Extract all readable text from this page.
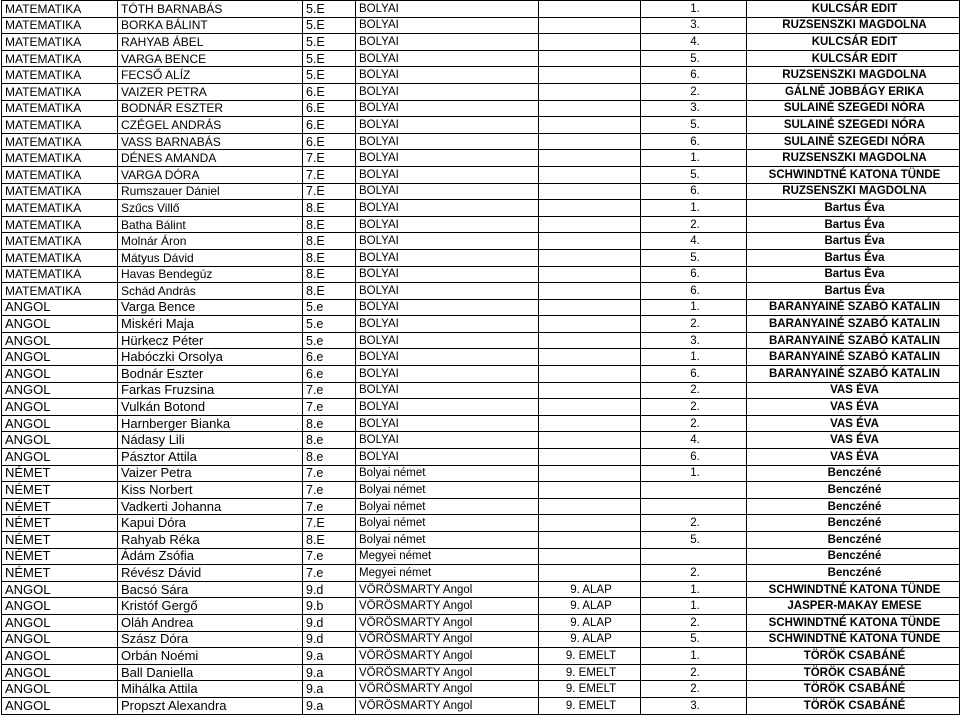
MATEMATIKA	TÓTH BARNABÁS	5.E	BOLYAI		1.	KULCSÁR EDIT
MATEMATIKA	BORKA BÁLINT	5.E	BOLYAI		3.	RUZSENSZKI MAGDOLNA
MATEMATIKA	RAHYAB ÁBEL	5.E	BOLYAI		4.	KULCSÁR EDIT
MATEMATIKA	VARGA BENCE	5.E	BOLYAI		5.	KULCSÁR EDIT
MATEMATIKA	FECSŐ ALÍZ	5.E	BOLYAI		6.	RUZSENSZKI MAGDOLNA
MATEMATIKA	VAIZER PETRA	6.E	BOLYAI		2.	GÁLNÉ JOBBÁGY ERIKA
MATEMATIKA	BODNÁR ESZTER	6.E	BOLYAI		3.	SULAINÉ SZEGEDI NÓRA
MATEMATIKA	CZÉGEL ANDRÁS	6.E	BOLYAI		5.	SULAINÉ SZEGEDI NÓRA
MATEMATIKA	VASS BARNABÁS	6.E	BOLYAI		6.	SULAINÉ SZEGEDI NÓRA
MATEMATIKA	DÉNES AMANDA	7.E	BOLYAI		1.	RUZSENSZKI MAGDOLNA
MATEMATIKA	VARGA DÓRA	7.E	BOLYAI		5.	SCHWINDTNÉ KATONA TÜNDE
MATEMATIKA	Rumszauer Dániel	7.E	BOLYAI		6.	RUZSENSZKI MAGDOLNA
MATEMATIKA	Szűcs Villő	8.E	BOLYAI		1.	Bartus Éva
MATEMATIKA	Batha Bálint	8.E	BOLYAI		2.	Bartus Éva
MATEMATIKA	Molnár Áron	8.E	BOLYAI		4.	Bartus Éva
MATEMATIKA	Mátyus Dávid	8.E	BOLYAI		5.	Bartus Éva
MATEMATIKA	Havas Bendegúz	8.E	BOLYAI		6.	Bartus Éva
MATEMATIKA	Schád András	8.E	BOLYAI		6.	Bartus Éva
ANGOL	Varga Bence	5.e	BOLYAI		1.	BARANYAINÉ SZABÓ KATALIN
ANGOL	Miskéri Maja	5.e	BOLYAI		2.	BARANYAINÉ SZABÓ KATALIN
ANGOL	Hürkecz Péter	5.e	BOLYAI		3.	BARANYAINÉ SZABÓ KATALIN
ANGOL	Habóczki Orsolya	6.e	BOLYAI		1.	BARANYAINÉ SZABÓ KATALIN
ANGOL	Bodnár Eszter	6.e	BOLYAI		6.	BARANYAINÉ SZABÓ KATALIN
ANGOL	Farkas Fruzsina	7.e	BOLYAI		2.	VAS ÉVA
ANGOL	Vulkán Botond	7.e	BOLYAI		2.	VAS ÉVA
ANGOL	Harnberger Bianka	8.e	BOLYAI		2.	VAS ÉVA
ANGOL	Nádasy Lili	8.e	BOLYAI		4.	VAS ÉVA
ANGOL	Pásztor Attila	8.e	BOLYAI		6.	VAS ÉVA
NÉMET	Vaizer Petra	7.e	Bolyai német		1.	Benczéné
NÉMET	Kiss Norbert	7.e	Bolyai német			Benczéné
NÉMET	Vadkerti Johanna	7.e	Bolyai német			Benczéné
NÉMET	Kapui Dóra	7.E	Bolyai német		2.	Benczéné
NÉMET	Rahyab Réka	8.E	Bolyai német		5.	Benczéné
NÉMET	Ádám Zsófia	7.e	Megyei német			Benczéné
NÉMET	Révész Dávid	7.e	Megyei német		2.	Benczéné
ANGOL	Bacsó Sára	9.d	VÖRÖSMARTY Angol	9. ALAP	1.	SCHWINDTNÉ KATONA TÜNDE
ANGOL	Kristóf Gergő	9.b	VÖRÖSMARTY Angol	9. ALAP	1.	JASPER-MAKAY EMESE
ANGOL	Oláh Andrea	9.d	VÖRÖSMARTY Angol	9. ALAP	2.	SCHWINDTNÉ KATONA TÜNDE
ANGOL	Szász Dóra	9.d	VÖRÖSMARTY Angol	9. ALAP	5.	SCHWINDTNÉ KATONA TÜNDE
ANGOL	Orbán Noémi	9.a	VÖRÖSMARTY Angol	9. EMELT	1.	TÖRÖK CSABÁNÉ
ANGOL	Ball Daniella	9.a	VÖRÖSMARTY Angol	9. EMELT	2.	TÖRÖK CSABÁNÉ
ANGOL	Mihálka Attila	9.a	VÖRÖSMARTY Angol	9. EMELT	2.	TÖRÖK CSABÁNÉ
ANGOL	Propszt Alexandra	9.a	VÖRÖSMARTY Angol	9. EMELT	3.	TÖRÖK CSABÁNÉ
